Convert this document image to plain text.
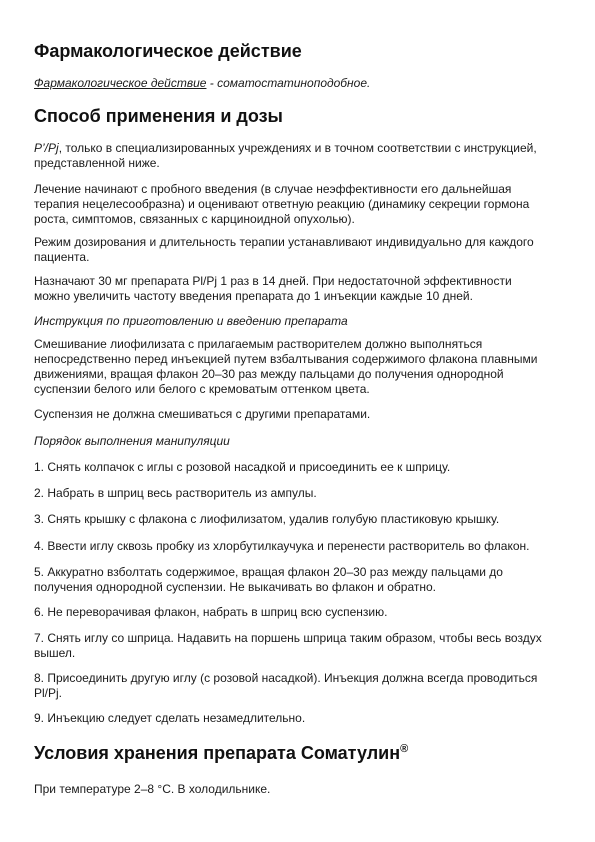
Фармакологическое действие
Фармакологическое действие - соматостатиноподобное.
Способ применения и дозы
P’/Pj, только в специализированных учреждениях и в точном соответствии с инструкцией,
представленной ниже.
Лечение начинают с пробного введения (в случае неэффективности его дальнейшая
терапия нецелесообразна) и оценивают ответную реакцию (динамику секреции гормона
роста, симптомов, связанных с карциноидной опухолью).
Режим дозирования и длительность терапии устанавливают индивидуально для каждого
пациента.
Назначают 30 мг препарата Pl/Pj 1 раз в 14 дней. При недостаточной эффективности
можно увеличить частоту введения препарата до 1 инъекции каждые 10 дней.
Инструкция по приготовлению и введению препарата
Смешивание лиофилизата с прилагаемым растворителем должно выполняться
непосредственно перед инъекцией путем взбалтывания содержимого флакона плавными
движениями, вращая флакон 20–30 раз между пальцами до получения однородной
суспензии белого или белого с кремоватым оттенком цвета.
Суспензия не должна смешиваться с другими препаратами.
Порядок выполнения манипуляции
1. Снять колпачок с иглы с розовой насадкой и присоединить ее к шприцу.
2. Набрать в шприц весь растворитель из ампулы.
3. Снять крышку с флакона с лиофилизатом, удалив голубую пластиковую крышку.
4. Ввести иглу сквозь пробку из хлорбутилкаучука и перенести растворитель во флакон.
5. Аккуратно взболтать содержимое, вращая флакон 20–30 раз между пальцами до
получения однородной суспензии. Не выкачивать во флакон и обратно.
6. Не переворачивая флакон, набрать в шприц всю суспензию.
7. Снять иглу со шприца. Надавить на поршень шприца таким образом, чтобы весь воздух
вышел.
8. Присоединить другую иглу (с розовой насадкой). Инъекция должна всегда проводиться
Pl/Pj.
9. Инъекцию следует сделать незамедлительно.
Условия хранения препарата Соматулин®
При температуре 2–8 °С. В холодильнике.
